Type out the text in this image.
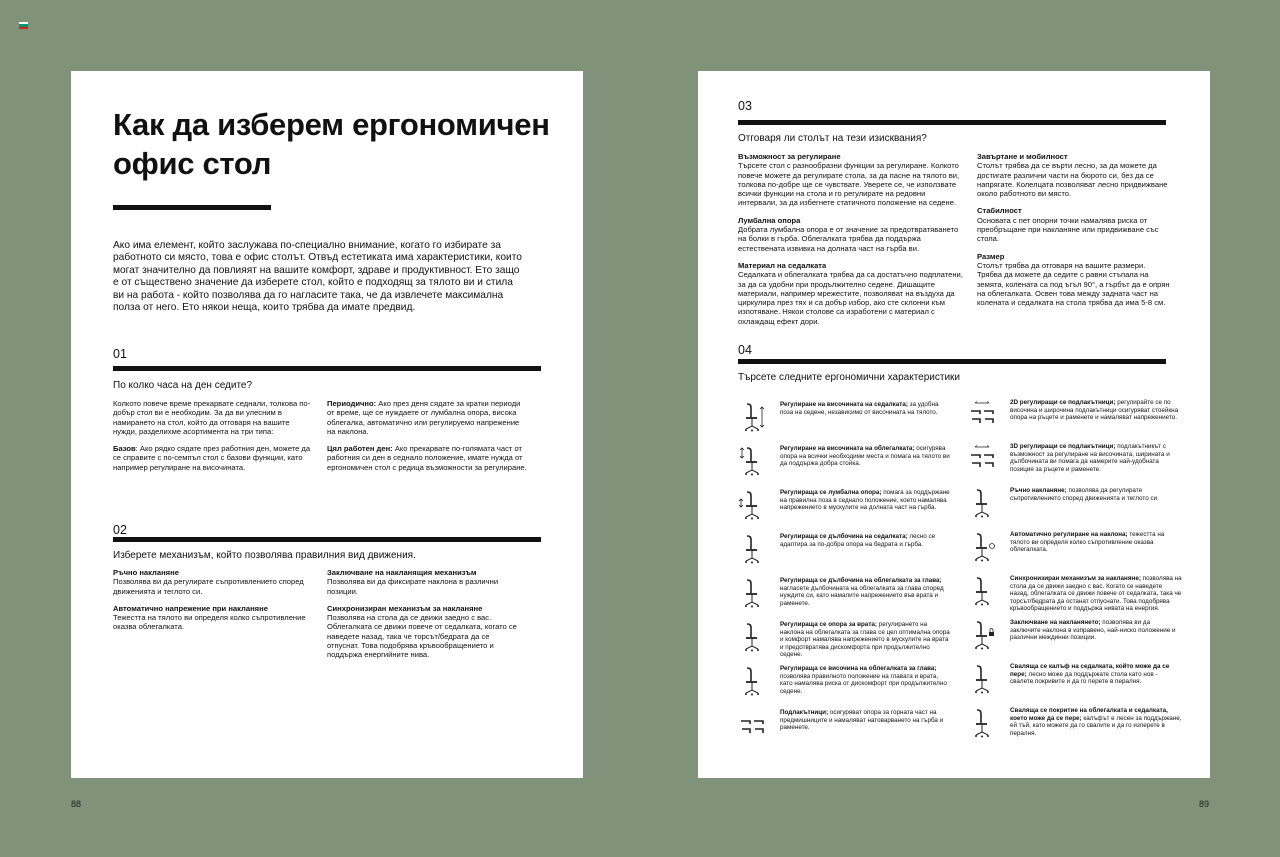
Как да изберем ергономичен офис стол
Ако има елемент, който заслужава по-специално внимание, когато го избирате за работното си място, това е офис столът. Отвъд естетиката има характеристики, които могат значително да повлияят на вашите комфорт, здраве и продуктивност. Ето защо е от съществено значение да изберете стол, който е подходящ за тялото ви и стила ви на работа - който позволява да го нагласите така, че да извлечете максимална полза от него. Ето някои неща, които трябва да имате предвид.
01
По колко часа на ден седите?

Колкото повече време прекарвате седнали, толкова по-добър стол ви е необходим. За да ви улесним в намирането на стол, който да отговаря на вашите нужди, разделихме асортимента на три типа:

Базов: Ако рядко сядате през работния ден, можете да се справите с по-семпъл стол с базови функции, като например регулиране на височината.

Периодично: Ако през деня сядате за кратки периоди от време, ще се нуждаете от лумбална опора, висока облегалка, автоматично или регулируемо напрежение на наклона.

Цял работен ден: Ако прекарвате по-голямата част от работния си ден в седнало положение, имате нужда от ергономичен стол с редица възможности за регулиране.

02
Изберете механизъм, който позволява правилния вид движения.

Ръчно накланяне
Позволява ви да регулирате съпротивлението според движенията и теглото си.

Автоматично напрежение при накланяне
Тежестта на тялото ви определя колко съпротивление оказва облегалката.

Заключване на накланящия механизъм
Позволява ви да фиксирате наклона в различни позиции.

Синхронизиран механизъм за накланяне
Позволява на стола да се движи заедно с вас. Облегалката се движи повече от седалката, когато се наведете назад, така че торсът/бедрата да се отпуснат. Това подобрява кръвообращението и поддържа енергийните нива.

88
03
Отговаря ли столът на тези изисквания?

Възможност за регулиране
Търсете стол с разнообразни функции за регулиране. Колкото повече можете да регулирате стола, за да пасне на тялото ви, толкова по-добре ще се чувствате. Уверете се, че използвате всички функции на стола и го регулирате на редовни интервали, за да избегнете статичното положение на седене.

Лумбална опора
Добрата лумбална опора е от значение за предотвратяването на болки в гърба. Облегалката трябва да поддържа естествената извивка на долната част на гърба ви.

Материал на седалката
Седалката и облегалката трябва да са достатъчно подплатени, за да са удобни при продължително седене. Дишащите материали, например мрежестите, позволяват на въздуха да циркулира през тях и са добър избор, ако сте склонни към изпотяване. Някои столове са изработени с материал с охлаждащ ефект дори.

Завъртане и мобилност
Столът трябва да се върти лесно, за да можете да достигате различни части на бюрото си, без да се напрягате. Колелцата позволяват лесно придвижване около работното ви място.

Стабилност
Основата с пет опорни точки намалява риска от преобръщане при накланяне или придвижване със стола.

Размер
Столът трябва да отговаря на вашите размери. Трябва да можете да седите с равни стъпала на земята, колената са под ъгъл 90°, а гърбът да е опрян на облегалката. Освен това между задната част на колената и седалката на стола трябва да има 5-8 см.

04
Търсете следните ергономични характеристики
Регулиране на височината на седалката; за удобна поза на седене, независимо от височината на тялото.
Регулиране на височината на облегалката; осигурява опора на всички необходими места и помага на тялото ви да поддържа добра стойка.
Регулираща се лумбална опора; помага за поддържане на правилна поза в седнало положение, което намалява напрежението в мускулите на долната част на гърба.
Регулираща се дълбочина на седалката; лесно се адаптира за по-добра опора на бедрата и гърба.
Регулираща се дълбочина на облегалката за глава; нагласете дълбочината на облегалката за глава според нуждите си, като намалите напрежението във врата и раменете.
Регулираща се опора за врата; регулирането на наклона на облегалката за глава се цел оптимална опора и комфорт намалява напрежението в мускулите на врата и предотвратява дискомфорта при продължително седене.
Регулираща се височина на облегалката за глава; позволява правилното положение на главата и врата, като намалява риска от дискомфорт при продължително седене.
Подлакътници; осигуряват опора за горната част на предмишниците и намаляват натоварването на гърба и раменете.
2D регулиращи се подлакътници; регулирайте се по височина и широчина подлакътници осигуряват стоейкна опора на ръцете и раменете и намаляват напрежението.
3D регулиращи се подлакътници; подлакътникът с възможност за регулиране на височината, ширината и дълбочината ви помага да намерите най-удобната позиция за ръцете и раменете.
Ръчно накланяне; позволява да регулирате съпротивлението според движенията и теглото си.
Автоматично регулиране на наклона; тежестта на тялото ви определя колко съпротивление оказва облегалката.
Синхронизиран механизъм за накланяне; позволява на стола да се движи заедно с вас. Когато се наведете назад, облегалката се движи повече от седалката, така че торсът/бедрата да останат отпуснати. Това подобрява кръвообращението и поддържа нивата на енергия.
Заключване на накланянето; позволява ви да заключите наклона в изправено, най-ниско положение и различни междинни позиции.
Сваляща се калъф на седалката, който може да се пере; лесно може да поддържате стола като нов - свалете покривите и да го перете в пералня.
Сваляща се покритие на облегалката и седалката, което може да се пере; калъфът е лесен за поддържане, ей тъй, като можете да го свалите и да го изперете в пералня.
89
